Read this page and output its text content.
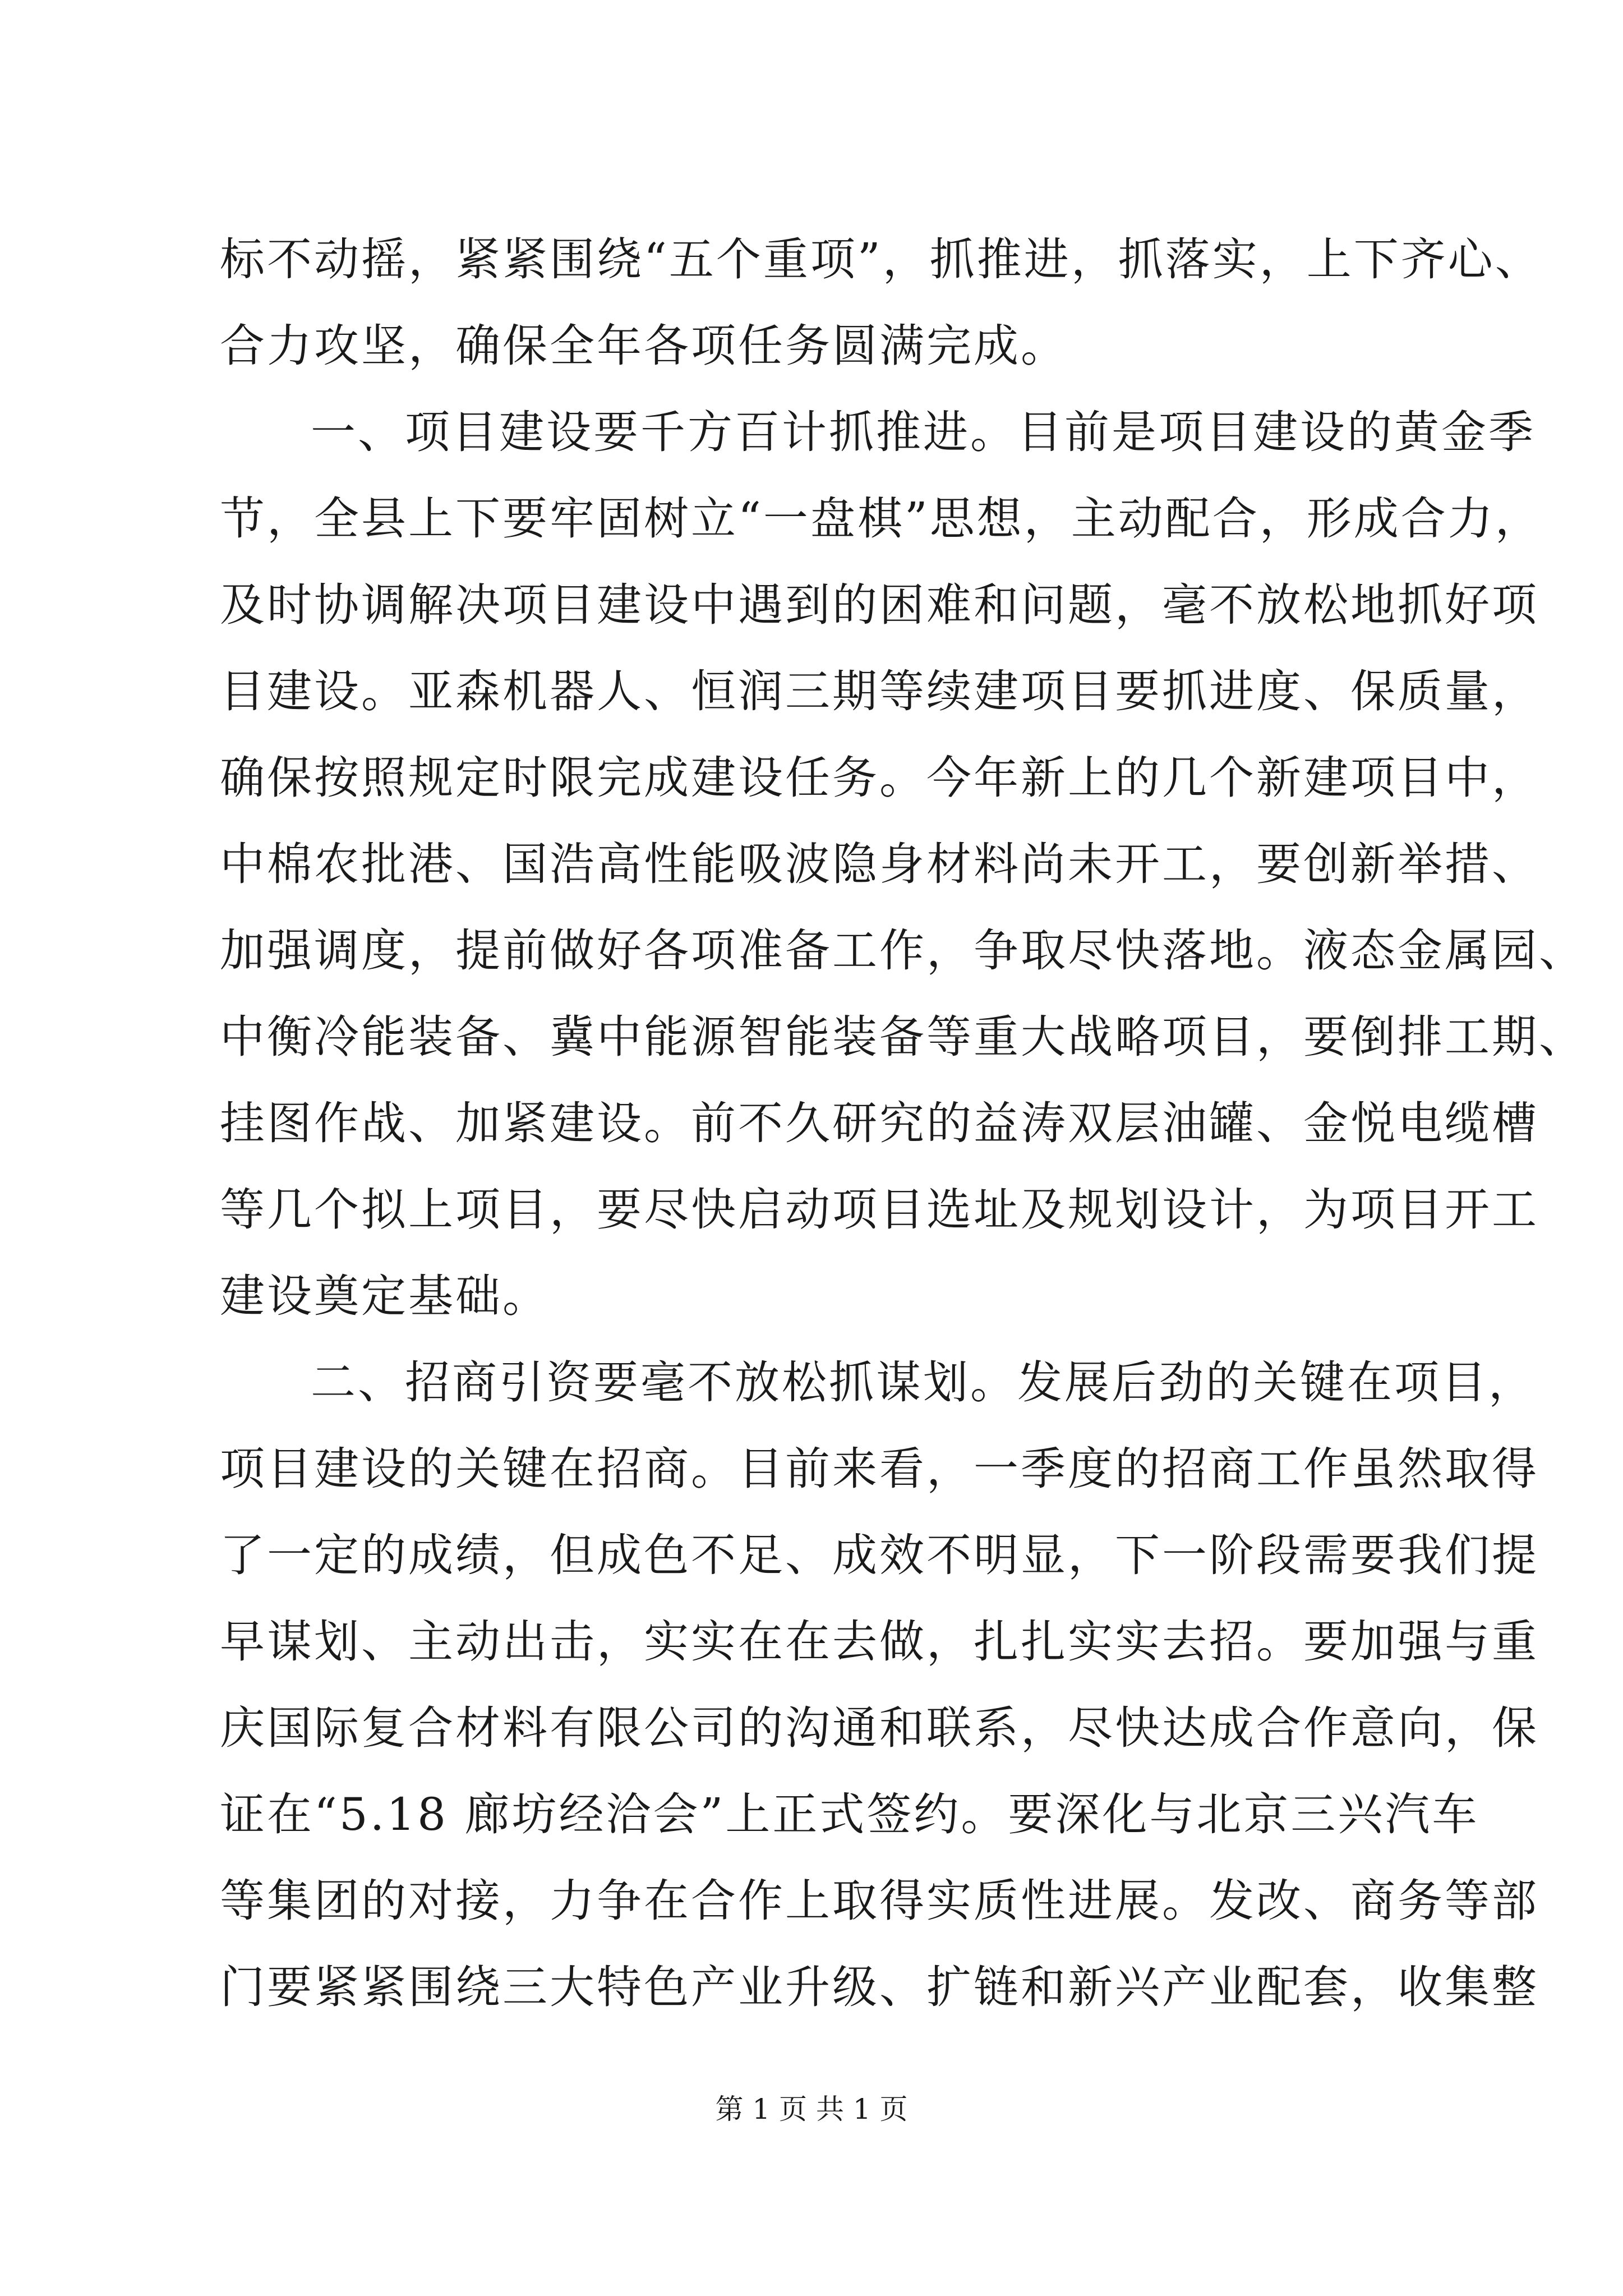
标不动摇，紧紧围绕“五个重项”，抓推进，抓落实，上下齐心、
合力攻坚，确保全年各项任务圆满完成。
一、项目建设要千方百计抓推进。目前是项目建设的黄金季
节，全县上下要牢固树立“一盘棋”思想，主动配合，形成合力，
及时协调解决项目建设中遇到的困难和问题，毫不放松地抓好项
目建设。亚森机器人、恒润三期等续建项目要抓进度、保质量，
确保按照规定时限完成建设任务。今年新上的几个新建项目中，
中棉农批港、国浩高性能吸波隐身材料尚未开工，要创新举措、
加强调度，提前做好各项准备工作，争取尽快落地。液态金属园、
中衡冷能装备、冀中能源智能装备等重大战略项目，要倒排工期、
挂图作战、加紧建设。前不久研究的益涛双层油罐、金悦电缆槽
等几个拟上项目，要尽快启动项目选址及规划设计，为项目开工
建设奠定基础。
二、招商引资要毫不放松抓谋划。发展后劲的关键在项目，
项目建设的关键在招商。目前来看，一季度的招商工作虽然取得
了一定的成绩，但成色不足、成效不明显，下一阶段需要我们提
早谋划、主动出击，实实在在去做，扎扎实实去招。要加强与重
庆国际复合材料有限公司的沟通和联系，尽快达成合作意向，保
证在“5.18 廊坊经洽会”上正式签约。要深化与北京三兴汽车
等集团的对接，力争在合作上取得实质性进展。发改、商务等部
门要紧紧围绕三大特色产业升级、扩链和新兴产业配套，收集整
第 1 页 共 1 页
